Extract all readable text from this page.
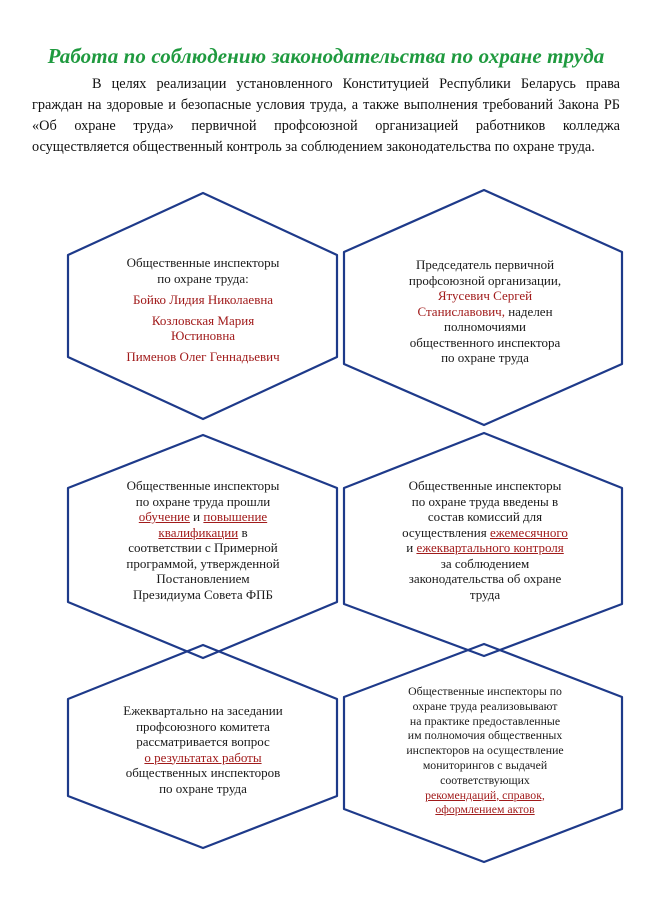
Работа по соблюдению законодательства по охране труда

В целях реализации установленного Конституцией Республики Беларусь права граждан на здоровые и безопасные условия труда, а также выполнения требований Закона РБ «Об охране труда» первичной профсоюзной организацией работников колледжа осуществляется общественный контроль за соблюдением законодательства по охране труда.

Общественные инспекторы

по охране труда:

Бойко Лидия Николаевна

Козловская Мария

Юстиновна

Пименов Олег Геннадьевич

Председатель первичной

профсоюзной организации,

Ятусевич Сергей

Станиславович, наделен

полномочиями

общественного инспектора

по охране труда

Общественные инспекторы

по охране труда прошли

обучение и повышение

квалификации в

соответствии с Примерной

программой, утвержденной

Постановлением

Президиума Совета ФПБ

Общественные инспекторы

по охране труда введены в

состав комиссий для

осуществления ежемесячного

и ежеквартального контроля

за соблюдением

законодательства об охране

труда

Ежеквартально на заседании

профсоюзного комитета

рассматривается вопрос

о результатах работы

общественных инспекторов

по охране труда

Общественные инспекторы по

охране труда реализовывают

на практике предоставленные

им полномочия общественных

инспекторов на осуществление

мониторингов с выдачей

соответствующих

рекомендаций, справок,

оформлением актов
